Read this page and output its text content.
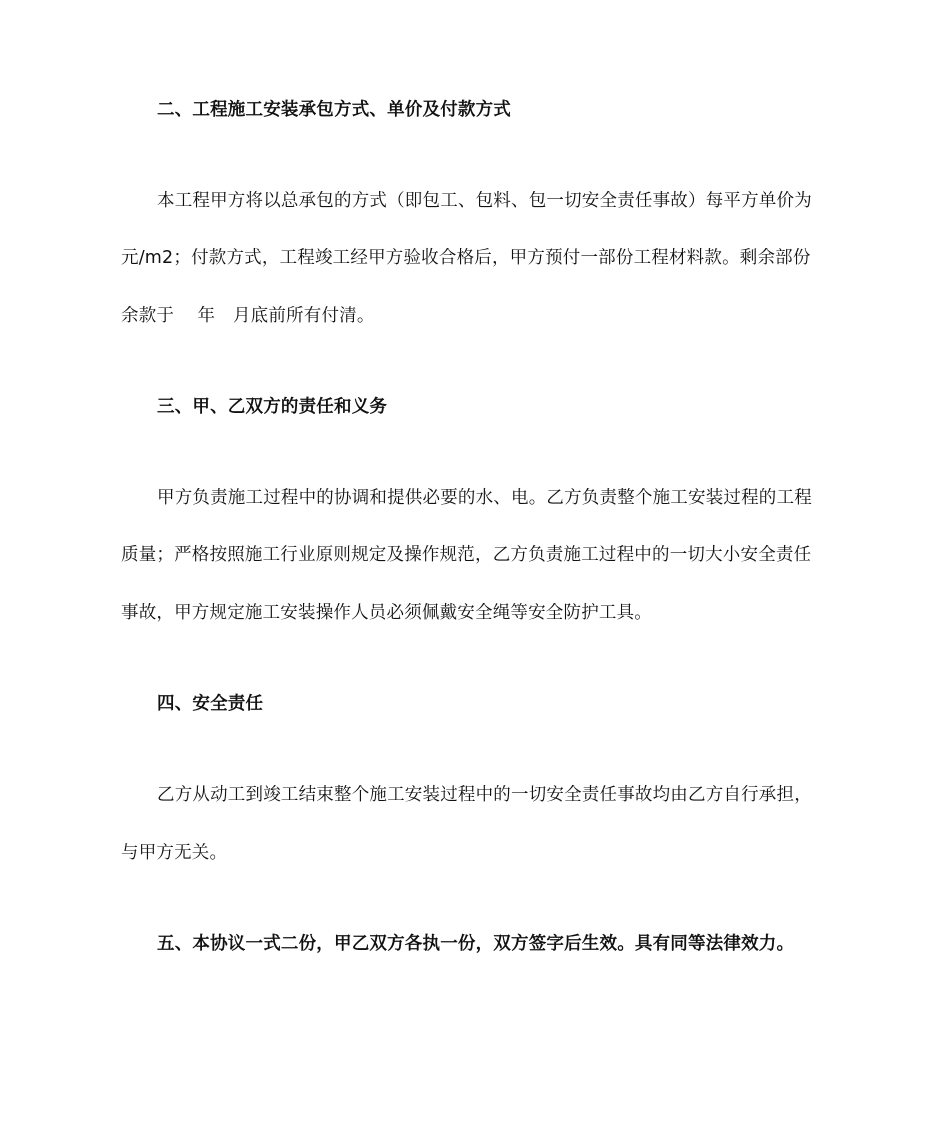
二、工程施工安装承包方式、单价及付款方式
本工程甲方将以总承包的方式（即包工、包料、包一切安全责任事故）每平方单价为
元/m2；付款方式，工程竣工经甲方验收合格后，甲方预付一部份工程材料款。剩余部份
余款于　 年　月底前所有付清。
三、甲、乙双方的责任和义务
甲方负责施工过程中的协调和提供必要的水、电。乙方负责整个施工安装过程的工程
质量；严格按照施工行业原则规定及操作规范，乙方负责施工过程中的一切大小安全责任
事故，甲方规定施工安装操作人员必须佩戴安全绳等安全防护工具。
四、安全责任
乙方从动工到竣工结束整个施工安装过程中的一切安全责任事故均由乙方自行承担，
与甲方无关。
五、本协议一式二份，甲乙双方各执一份，双方签字后生效。具有同等法律效力。
